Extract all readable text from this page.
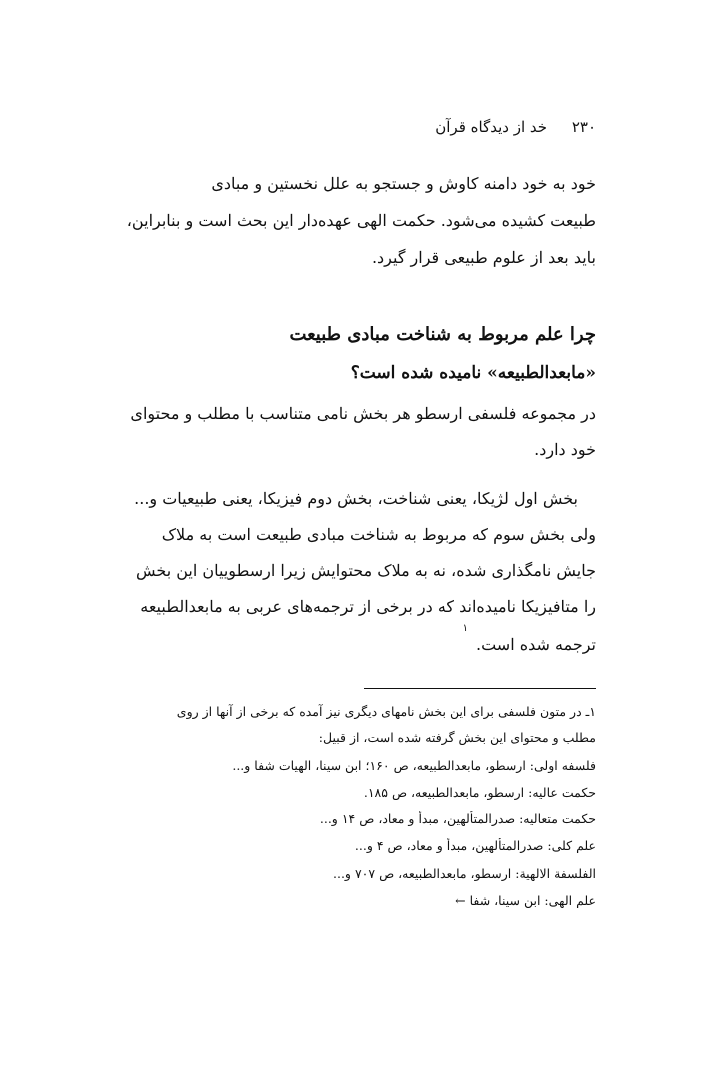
۲۳۰ خد از دیدگاه قرآن
خود به خود دامنه کاوش و جستجو به علل نخستین و مبادی
طبیعت کشیده می‌شود. حکمت الهی عهده‌دار این بحث است و بنابراین،
باید بعد از علوم طبیعی قرار گیرد.
چرا علم مربوط به شناخت مبادی طبیعت
«مابعدالطبیعه» نامیده شده است؟
در مجموعه فلسفی ارسطو هر بخش نامی متناسب با مطلب و محتوای
خود دارد.
بخش اول لژیکا، یعنی شناخت، بخش دوم فیزیکا، یعنی طبیعیات و...
ولی بخش سوم که مربوط به شناخت مبادی طبیعت است به ملاک
جایش نامگذاری شده، نه به ملاک محتوایش زیرا ارسطوییان این بخش
را متافیزیکا نامیده‌اند که در برخی از ترجمه‌های عربی به مابعدالطبیعه
ترجمه شده است.
۱
۱ـ در متون فلسفی برای این بخش نامهای دیگری نیز آمده که برخی از آنها از روی
مطلب و محتوای این بخش گرفته شده است، از قبیل:
فلسفه اولی: ارسطو، مابعدالطبیعه، ص ۱۶۰؛ ابن سینا، الهیات شفا و...
حکمت عالیه: ارسطو، مابعدالطبیعه، ص ۱۸۵.
حکمت متعالیه: صدرالمتألهین، مبدأ و معاد، ص ۱۴ و...
علم کلی: صدرالمتألهین، مبدأ و معاد، ص ۴ و...
الفلسفة الالهیة: ارسطو، مابعدالطبیعه، ص ۷۰۷ و...
علم الهی: ابن سینا، شفا ←
